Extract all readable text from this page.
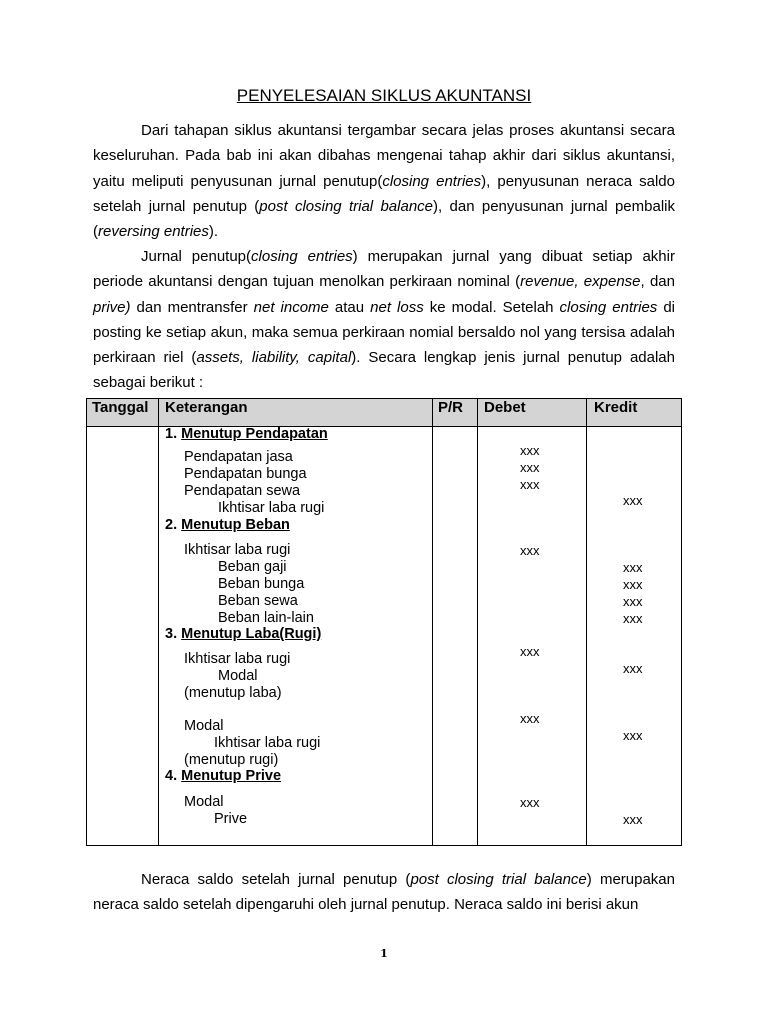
PENYELESAIAN SIKLUS AKUNTANSI

Dari tahapan siklus akuntansi tergambar secara jelas proses akuntansi secara keseluruhan. Pada bab ini akan dibahas mengenai tahap akhir dari siklus akuntansi, yaitu meliputi penyusunan jurnal penutup(closing entries), penyusunan neraca saldo setelah jurnal penutup (post closing trial balance), dan penyusunan jurnal pembalik (reversing entries).

Jurnal penutup(closing entries) merupakan jurnal yang dibuat setiap akhir periode akuntansi dengan tujuan menolkan perkiraan nominal (revenue, expense, dan prive) dan mentransfer net income atau net loss ke modal. Setelah closing entries di posting ke setiap akun, maka semua perkiraan nomial bersaldo nol yang tersisa adalah perkiraan riel (assets, liability, capital). Secara lengkap jenis jurnal penutup adalah sebagai berikut :

Tanggal Keterangan	P/R Debet	Kredit
1. Menutup Pendapatan
2. Menutup Beban
3. Menutup Laba(Rugi)
4. Menutup Prive
Pendapatan jasa
Pendapatan bunga
Pendapatan sewa
Ikhtisar laba rugi
Ikhtisar laba rugi
Beban gaji
Beban bunga
Beban sewa
Beban lain-lain
Ikhtisar laba rugi
Modal
(menutup laba)
Modal
Ikhtisar laba rugi
(menutup rugi)
Modal
Prive
xxx
xxx
xxx
xxx
xxx
xxx
xxx
xxx
xxx
xxx
xxx
xxx
xxx
xxx
xxx

Neraca saldo setelah jurnal penutup (post closing trial balance) merupakan neraca saldo setelah dipengaruhi oleh jurnal penutup. Neraca saldo ini berisi akun

1
